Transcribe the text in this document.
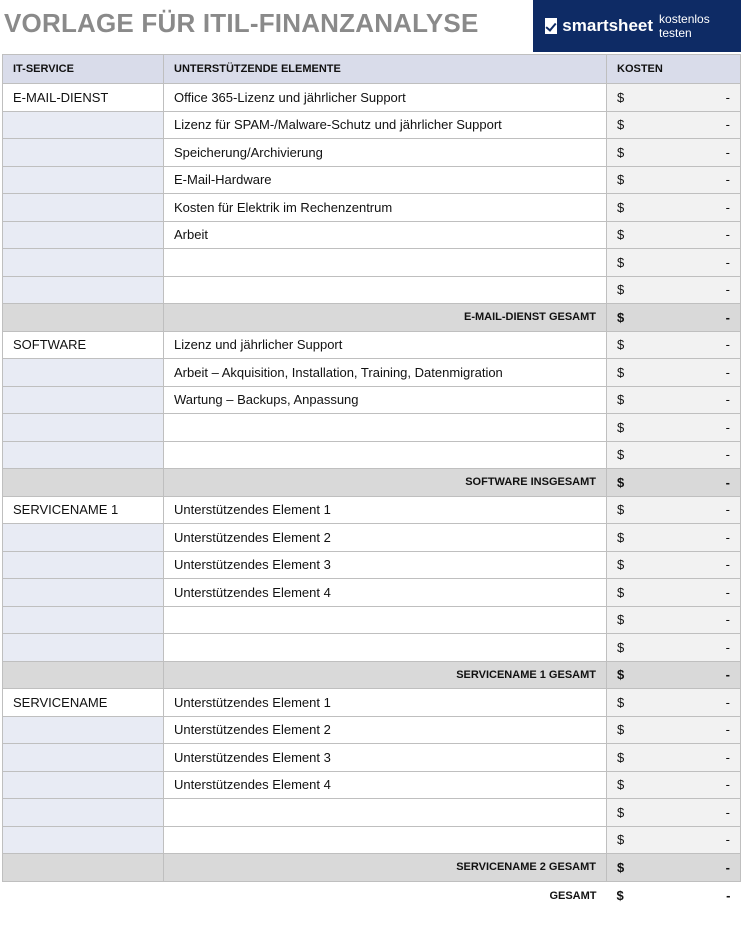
VORLAGE FÜR ITIL-FINANZANALYSE	smartsheet kostenlos testen
IT-SERVICE	UNTERSTÜTZENDE ELEMENTE	KOSTEN
E-MAIL-DIENST	Office 365-Lizenz und jährlicher Support	$ -

	Lizenz für SPAM-/Malware-Schutz und jährlicher Support	$ -

	Speicherung/Archivierung	$ -

	E-Mail-Hardware	$ -

	Kosten für Elektrik im Rechenzentrum	$ -

	Arbeit	$ -

		$ -

		$ -

	E-MAIL-DIENST GESAMT	$ -

SOFTWARE	Lizenz und jährlicher Support	$ -

	Arbeit – Akquisition, Installation, Training, Datenmigration	$ -

	Wartung – Backups, Anpassung	$ -

		$ -

		$ -

	SOFTWARE INSGESAMT	$ -

SERVICENAME 1	Unterstützendes Element 1	$ -

	Unterstützendes Element 2	$ -

	Unterstützendes Element 3	$ -

	Unterstützendes Element 4	$ -

		$ -

		$ -

	SERVICENAME 1 GESAMT	$ -

SERVICENAME	Unterstützendes Element 1	$ -

	Unterstützendes Element 2	$ -

	Unterstützendes Element 3	$ -

	Unterstützendes Element 4	$ -

		$ -

		$ -

	SERVICENAME 2 GESAMT	$ -

	GESAMT	$ -
